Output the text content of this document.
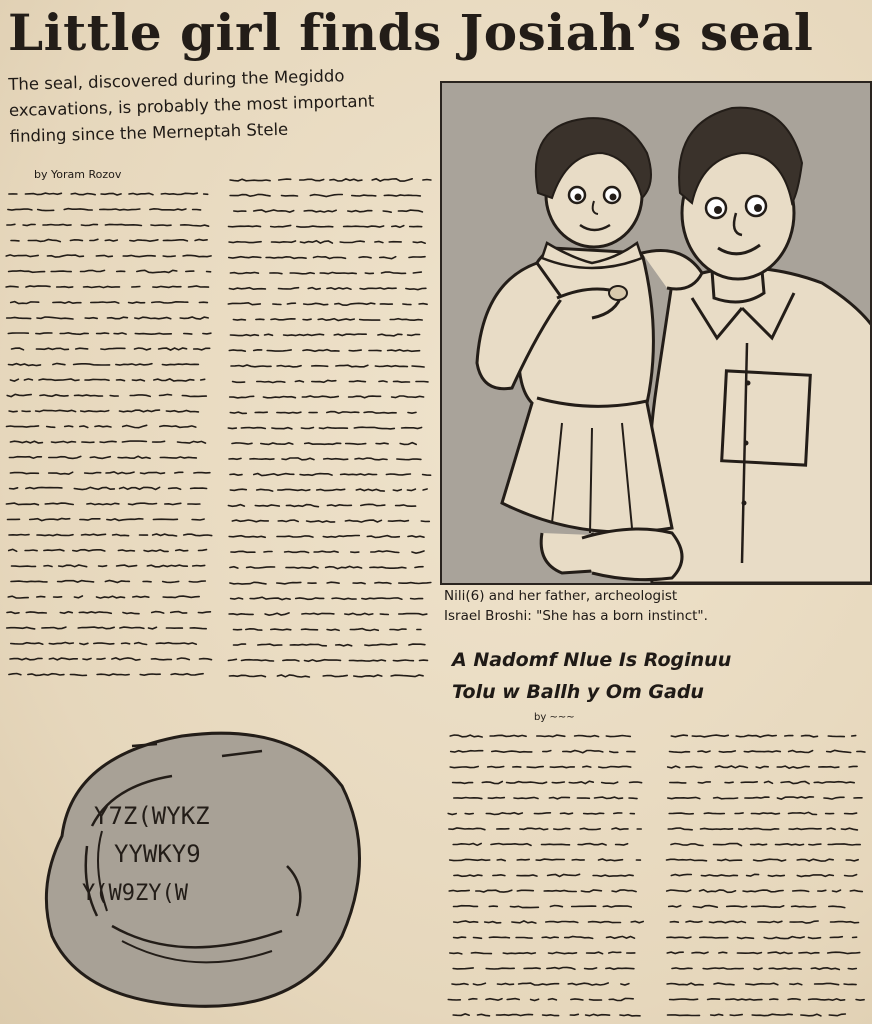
Little girl finds Josiah’s seal
The seal, discovered during the Megiddo
excavations, is probably the most important
finding since the Merneptah Stele
by Yoram Rozov
Nili(6) and her father, archeologist
Israel Broshi: "She has a born instinct".
A Nadomf Nlue Is Roginuu
Tolu w Ballh y Om Gadu
by ~~~
Y7Z(WYKZ
YYWKY9
Y(W9ZY(W
